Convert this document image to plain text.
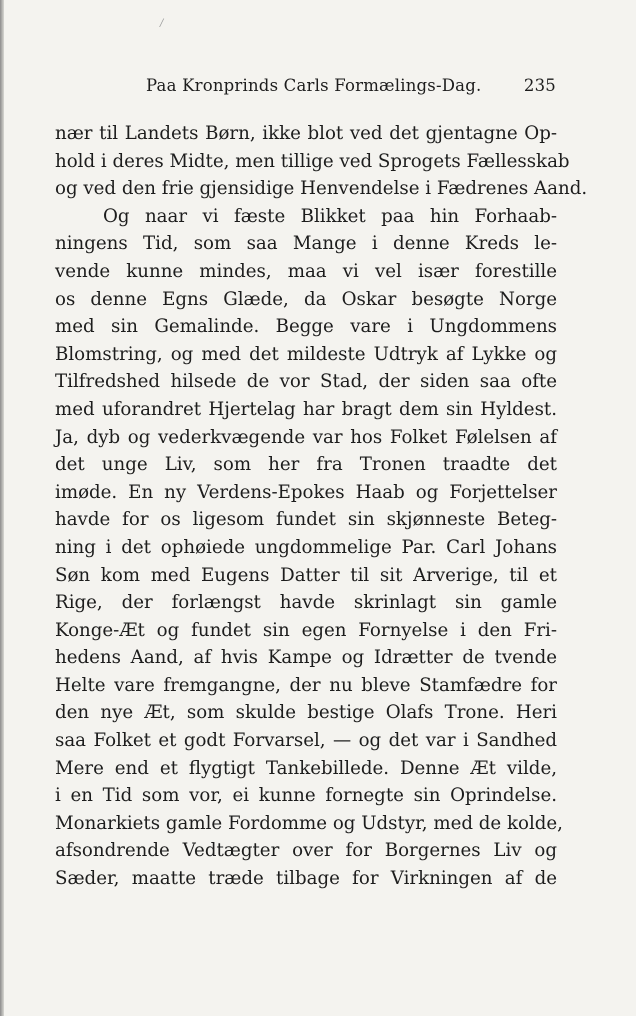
/
Paa Kronprinds Carls Formælings-Dag.	235
nær til Landets Børn, ikke blot ved det gjentagne Op-
hold i deres Midte, men tillige ved Sprogets Fællesskab
og ved den frie gjensidige Henvendelse i Fædrenes Aand.
Og naar vi fæste Blikket paa hin Forhaab-
ningens Tid, som saa Mange i denne Kreds le-
vende kunne mindes, maa vi vel især forestille
os denne Egns Glæde, da Oskar besøgte Norge
med sin Gemalinde. Begge vare i Ungdommens
Blomstring, og med det mildeste Udtryk af Lykke og
Tilfredshed hilsede de vor Stad, der siden saa ofte
med uforandret Hjertelag har bragt dem sin Hyldest.
Ja, dyb og vederkvægende var hos Folket Følelsen af
det unge Liv, som her fra Tronen traadte det
imøde. En ny Verdens-Epokes Haab og Forjettelser
havde for os ligesom fundet sin skjønneste Beteg-
ning i det ophøiede ungdommelige Par. Carl Johans
Søn kom med Eugens Datter til sit Arverige, til et
Rige, der forlængst havde skrinlagt sin gamle
Konge-Æt og fundet sin egen Fornyelse i den Fri-
hedens Aand, af hvis Kampe og Idrætter de tvende
Helte vare fremgangne, der nu bleve Stamfædre for
den nye Æt, som skulde bestige Olafs Trone. Heri
saa Folket et godt Forvarsel, — og det var i Sandhed
Mere end et flygtigt Tankebillede. Denne Æt vilde,
i en Tid som vor, ei kunne fornegte sin Oprindelse.
Monarkiets gamle Fordomme og Udstyr, med de kolde,
afsondrende Vedtægter over for Borgernes Liv og
Sæder, maatte træde tilbage for Virkningen af de
